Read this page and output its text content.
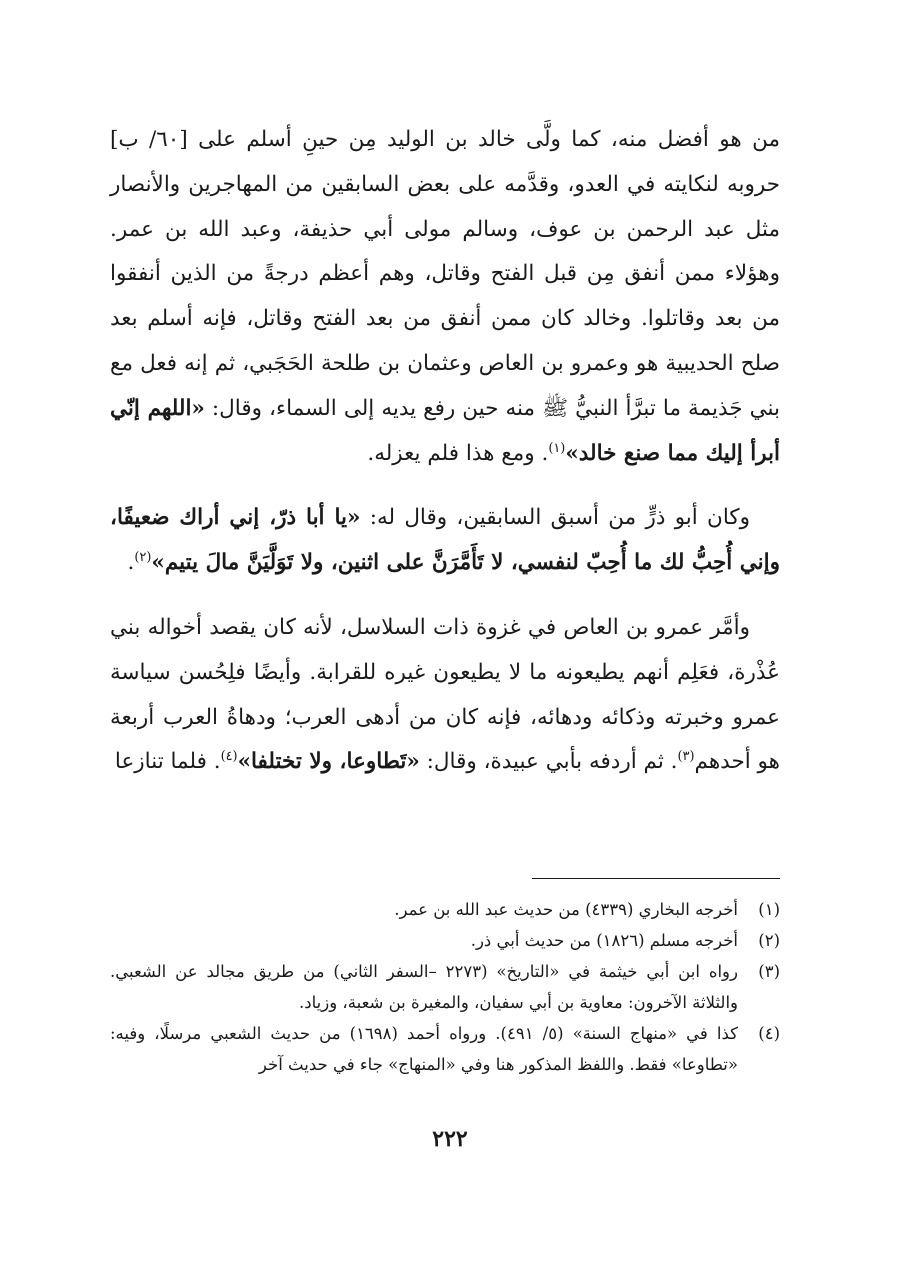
من هو أفضل منه، كما ولَّى خالد بن الوليد مِن حينِ أسلم على [٦٠/ ب] حروبه لنكايته في العدو، وقدَّمه على بعض السابقين من المهاجرين والأنصار مثل عبد الرحمن بن عوف، وسالم مولى أبي حذيفة، وعبد الله بن عمر. وهؤلاء ممن أنفق مِن قبل الفتح وقاتل، وهم أعظم درجةً من الذين أنفقوا من بعد وقاتلوا. وخالد كان ممن أنفق من بعد الفتح وقاتل، فإنه أسلم بعد صلح الحديبية هو وعمرو بن العاص وعثمان بن طلحة الحَجَبي، ثم إنه فعل مع بني جَذيمة ما تبرَّأ النبيُّ ﷺ منه حين رفع يديه إلى السماء، وقال: «اللهم إنّي أبرأ إليك مما صنع خالد»$^{(١)}$. ومع هذا فلم يعزله.

وكان أبو ذرٍّ من أسبق السابقين، وقال له: «يا أبا ذرّ، إني أراك ضعيفًا، وإني أُحِبُّ لك ما أُحِبّ لنفسي، لا تَأَمَّرَنَّ على اثنين، ولا تَوَلَّيَنَّ مالَ يتيم»$^{(٢)}$.

وأمَّر عمرو بن العاص في غزوة ذات السلاسل، لأنه كان يقصد أخواله بني عُذْرة، فعَلِم أنهم يطيعونه ما لا يطيعون غيره للقرابة. وأيضًا فلِحُسن سياسة عمرو وخبرته وذكائه ودهائه، فإنه كان من أدهى العرب؛ ودهاةُ العرب أربعة هو أحدهم$^{(٣)}$. ثم أردفه بأبي عبيدة، وقال: «تَطاوعا، ولا تختلفا»$^{(٤)}$. فلما تنازعا

(١)
أخرجه البخاري (٤٣٣٩) من حديث عبد الله بن عمر.
(٢)
أخرجه مسلم (١٨٢٦) من حديث أبي ذر.
(٣)
رواه ابن أبي خيثمة في «التاريخ» (٢٢٧٣ –السفر الثاني) من طريق مجالد عن الشعبي. والثلاثة الآخرون: معاوية بن أبي سفيان، والمغيرة بن شعبة، وزياد.
(٤)
كذا في «منهاج السنة» (٥/ ٤٩١). ورواه أحمد (١٦٩٨) من حديث الشعبي مرسلًا، وفيه: «تطاوعا» فقط. واللفظ المذكور هنا وفي «المنهاج» جاء في حديث آخر
٢٢٢
